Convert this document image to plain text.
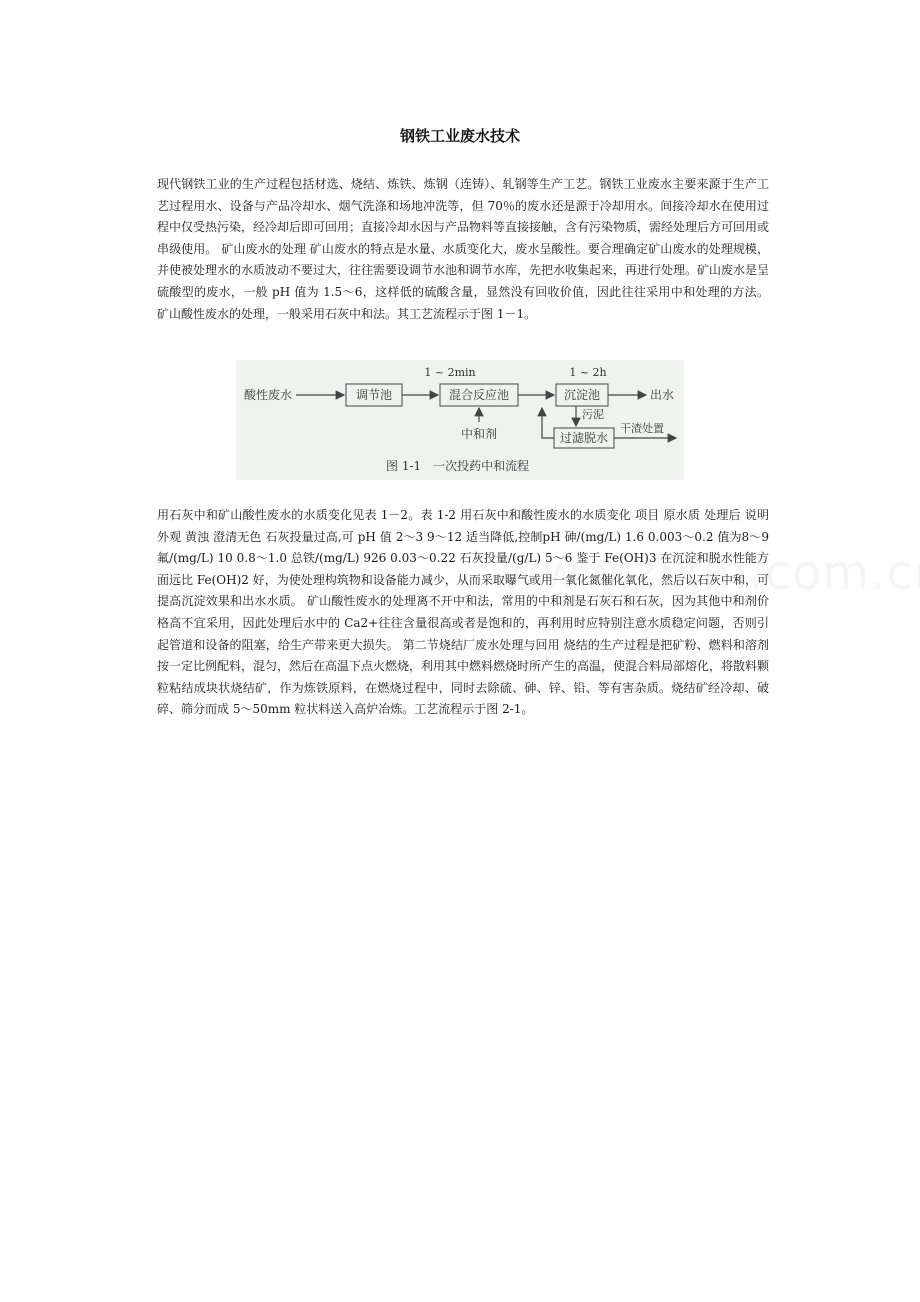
钢铁工业废水技术

现代钢铁工业的生产过程包括材选、烧结、炼铁、炼钢（连铸）、轧钢等生产工艺。钢铁工业废水主要来源于生产工艺过程用水、设备与产品冷却水、烟气洗涤和场地冲洗等，但 70％的废水还是源于冷却用水。间接冷却水在使用过程中仅受热污染，经冷却后即可回用；直接冷却水因与产品物料等直接接触，含有污染物质，需经处理后方可回用或串级使用。 矿山废水的处理 矿山废水的特点是水量、水质变化大，废水呈酸性。要合理确定矿山废水的处理规模，并使被处理水的水质波动不要过大，往往需要设调节水池和调节水库，先把水收集起来，再进行处理。矿山废水是呈硫酸型的废水，一般 pH 值为 1.5～6，这样低的硫酸含量，显然没有回收价值，因此往往采用中和处理的方法。 矿山酸性废水的处理，一般采用石灰中和法。其工艺流程示于图 1－1。

1 ~ 2min	1 ~ 2h
酸性废水	调节池	混合反应池	沉淀池	出水
中和剂
污泥
过滤脱水
干渣处置
图 1-1　一次投药中和流程

用石灰中和矿山酸性废水的水质变化见表 1－2。表 1-2 用石灰中和酸性废水的水质变化 项目 原水质 处理后 说明 外观 黄浊 澄清无色 石灰投量过高,可 pH 值 2～3 9～12 适当降低,控制pH 砷/(mg/L) 1.6 0.003～0.2 值为8～9 氟/(mg/L) 10 0.8～1.0 总铁/(mg/L) 926 0.03～0.22 石灰投量/(g/L) 5～6 鉴于 Fe(OH)3 在沉淀和脱水性能方面远比 Fe(OH)2 好，为使处理构筑物和设备能力减少，从而采取曝气或用一氧化氮催化氧化，然后以石灰中和，可提高沉淀效果和出水水质。 矿山酸性废水的处理离不开中和法，常用的中和剂是石灰石和石灰，因为其他中和剂价格高不宜采用，因此处理后水中的 Ca2+往往含量很高或者是饱和的，再利用时应特别注意水质稳定问题，否则引起管道和设备的阻塞，给生产带来更大损失。 第二节烧结厂废水处理与回用 烧结的生产过程是把矿粉、燃料和溶剂按一定比例配料，混匀，然后在高温下点火燃烧，利用其中燃料燃烧时所产生的高温，使混合料局部熔化，将散料颗粒粘结成块状烧结矿，作为炼铁原料，在燃烧过程中，同时去除硫、砷、锌、铅、等有害杂质。烧结矿经冷却、破碎、筛分而成 5～50mm 粒状料送入高炉冶炼。工艺流程示于图 2-1。
